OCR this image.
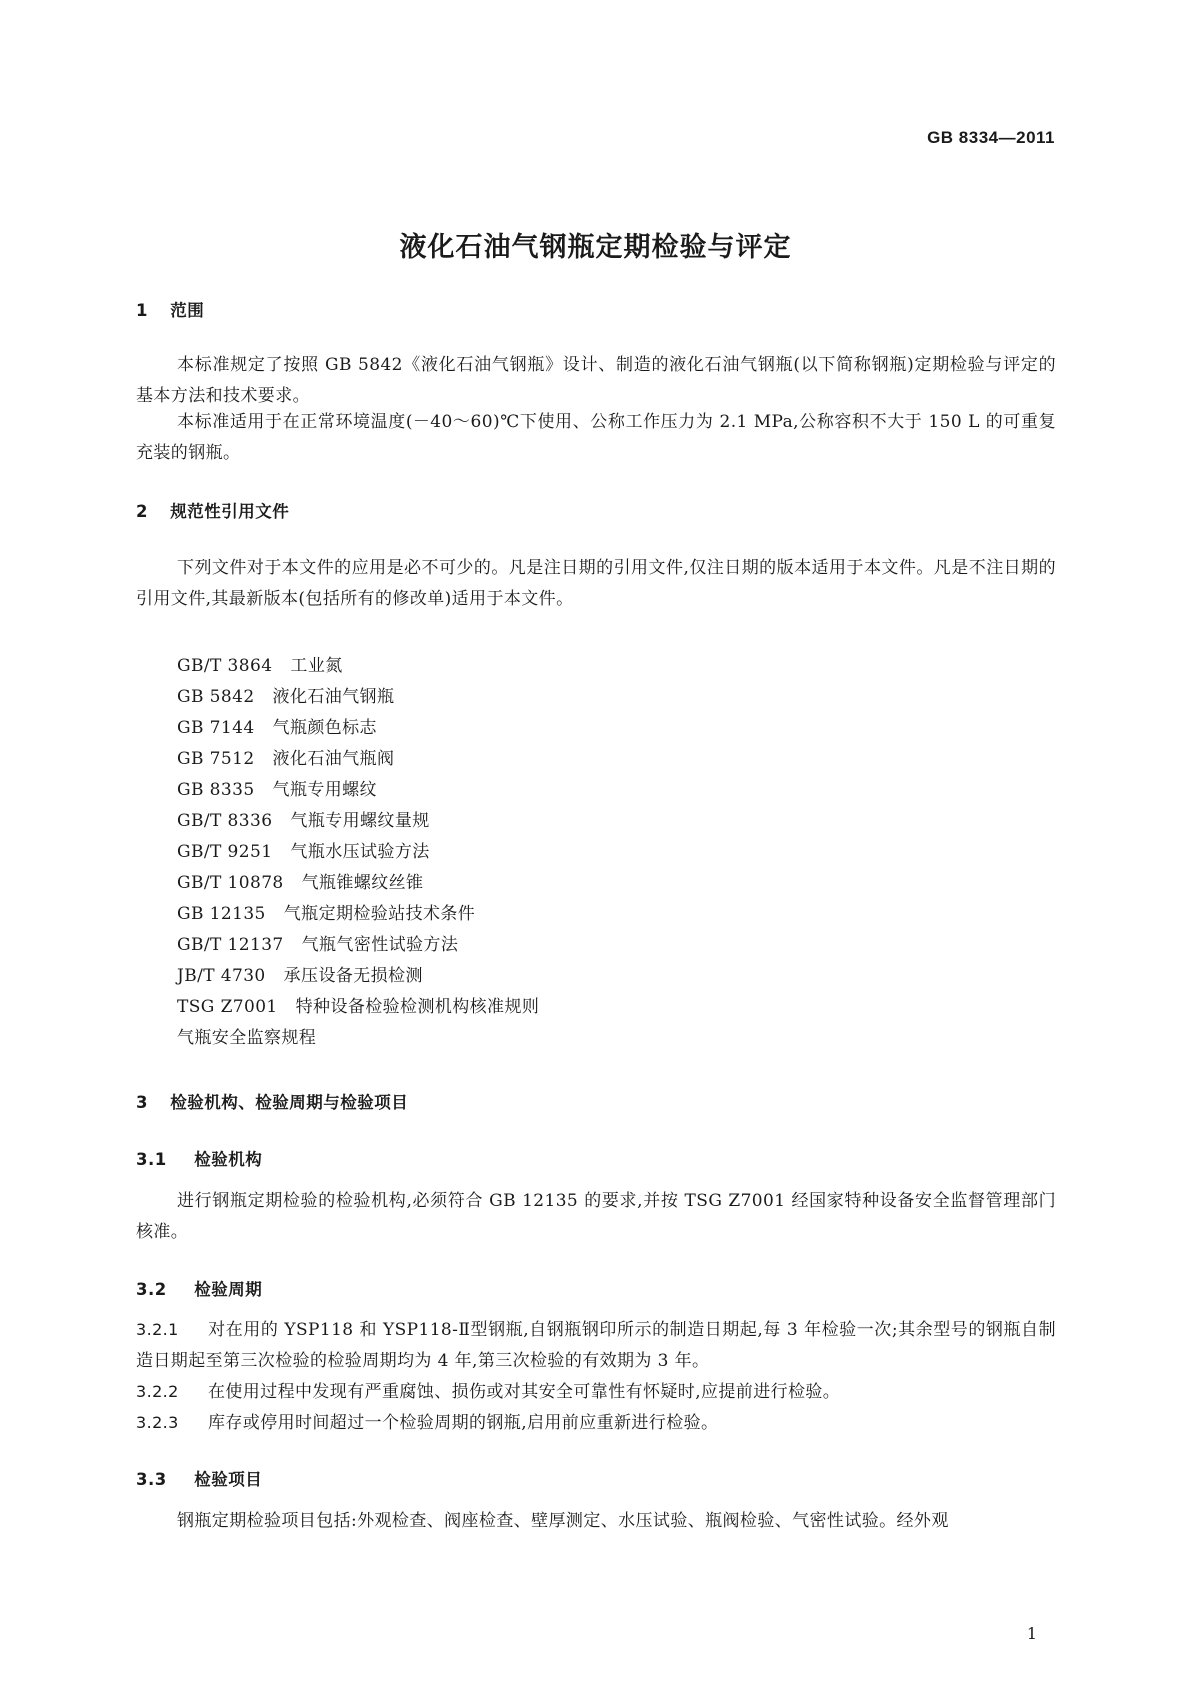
GB 8334—2011
液化石油气钢瓶定期检验与评定
1 范围
本标准规定了按照 GB 5842《液化石油气钢瓶》设计、制造的液化石油气钢瓶(以下简称钢瓶)定期检验与评定的基本方法和技术要求。
本标准适用于在正常环境温度(－40～60)℃下使用、公称工作压力为 2.1 MPa,公称容积不大于 150 L 的可重复充装的钢瓶。
2 规范性引用文件
下列文件对于本文件的应用是必不可少的。凡是注日期的引用文件,仅注日期的版本适用于本文件。凡是不注日期的引用文件,其最新版本(包括所有的修改单)适用于本文件。
GB/T 3864 工业氮
GB 5842 液化石油气钢瓶
GB 7144 气瓶颜色标志
GB 7512 液化石油气瓶阀
GB 8335 气瓶专用螺纹
GB/T 8336 气瓶专用螺纹量规
GB/T 9251 气瓶水压试验方法
GB/T 10878 气瓶锥螺纹丝锥
GB 12135 气瓶定期检验站技术条件
GB/T 12137 气瓶气密性试验方法
JB/T 4730 承压设备无损检测
TSG Z7001 特种设备检验检测机构核准规则
气瓶安全监察规程
3 检验机构、检验周期与检验项目
3.1 检验机构
进行钢瓶定期检验的检验机构,必须符合 GB 12135 的要求,并按 TSG Z7001 经国家特种设备安全监督管理部门核准。
3.2 检验周期
3.2.1 对在用的 YSP118 和 YSP118-Ⅱ型钢瓶,自钢瓶钢印所示的制造日期起,每 3 年检验一次;其余型号的钢瓶自制造日期起至第三次检验的检验周期均为 4 年,第三次检验的有效期为 3 年。
3.2.2 在使用过程中发现有严重腐蚀、损伤或对其安全可靠性有怀疑时,应提前进行检验。
3.2.3 库存或停用时间超过一个检验周期的钢瓶,启用前应重新进行检验。
3.3 检验项目
钢瓶定期检验项目包括:外观检查、阀座检查、壁厚测定、水压试验、瓶阀检验、气密性试验。经外观
1
